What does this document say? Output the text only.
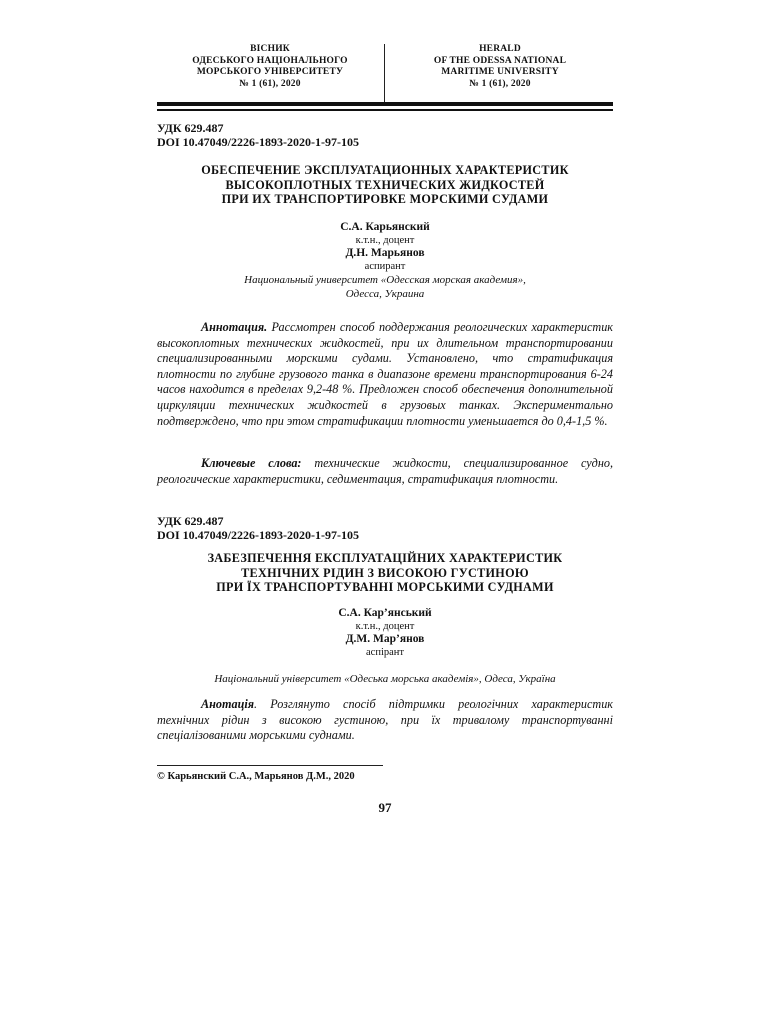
ВІСНИК
ОДЕСЬКОГО НАЦІОНАЛЬНОГО
МОРСЬКОГО УНІВЕРСИТЕТУ
№ 1 (61), 2020
HERALD
OF THE ODESSA NATIONAL
MARITIME UNIVERSITY
№ 1 (61), 2020
УДК 629.487
DOI 10.47049/2226-1893-2020-1-97-105
ОБЕСПЕЧЕНИЕ ЭКСПЛУАТАЦИОННЫХ ХАРАКТЕРИСТИК
ВЫСОКОПЛОТНЫХ ТЕХНИЧЕСКИХ ЖИДКОСТЕЙ
ПРИ ИХ ТРАНСПОРТИРОВКЕ МОРСКИМИ СУДАМИ
С.А. Карьянский
к.т.н., доцент
Д.Н. Марьянов
аспирант
Национальный университет «Одесская морская академия»,
Одесса, Украина
Аннотация. Рассмотрен способ поддержания реологических характеристик высокоплотных технических жидкостей, при их длительном транспортировании специализированными морскими судами. Установлено, что стратификация плотности по глубине грузового танка в диапазоне времени транспортирования 6-24 часов находится в пределах 9,2-48 %. Предложен способ обеспечения дополнительной циркуляции технических жидкостей в грузовых танках. Экспериментально подтверждено, что при этом стратификации плотности уменьшается до 0,4-1,5 %.
Ключевые слова: технические жидкости, специализированное судно, реологические характеристики, седиментация, стратификация плотности.
УДК 629.487
DOI 10.47049/2226-1893-2020-1-97-105
ЗАБЕЗПЕЧЕННЯ ЕКСПЛУАТАЦІЙНИХ ХАРАКТЕРИСТИК
ТЕХНІЧНИХ РІДИН З ВИСОКОЮ ГУСТИНОЮ
ПРИ ЇХ ТРАНСПОРТУВАННІ МОРСЬКИМИ СУДНАМИ
С.А. Кар’янський
к.т.н., доцент
Д.М. Мар’янов
аспірант
Національний університет «Одеська морська академія», Одеса, Україна
Анотація. Розглянуто спосіб підтримки реологічних характеристик технічних рідин з високою густиною, при їх тривалому транспортуванні спеціалізованими морськими суднами.
© Карьянский С.А., Марьянов Д.М., 2020
97
